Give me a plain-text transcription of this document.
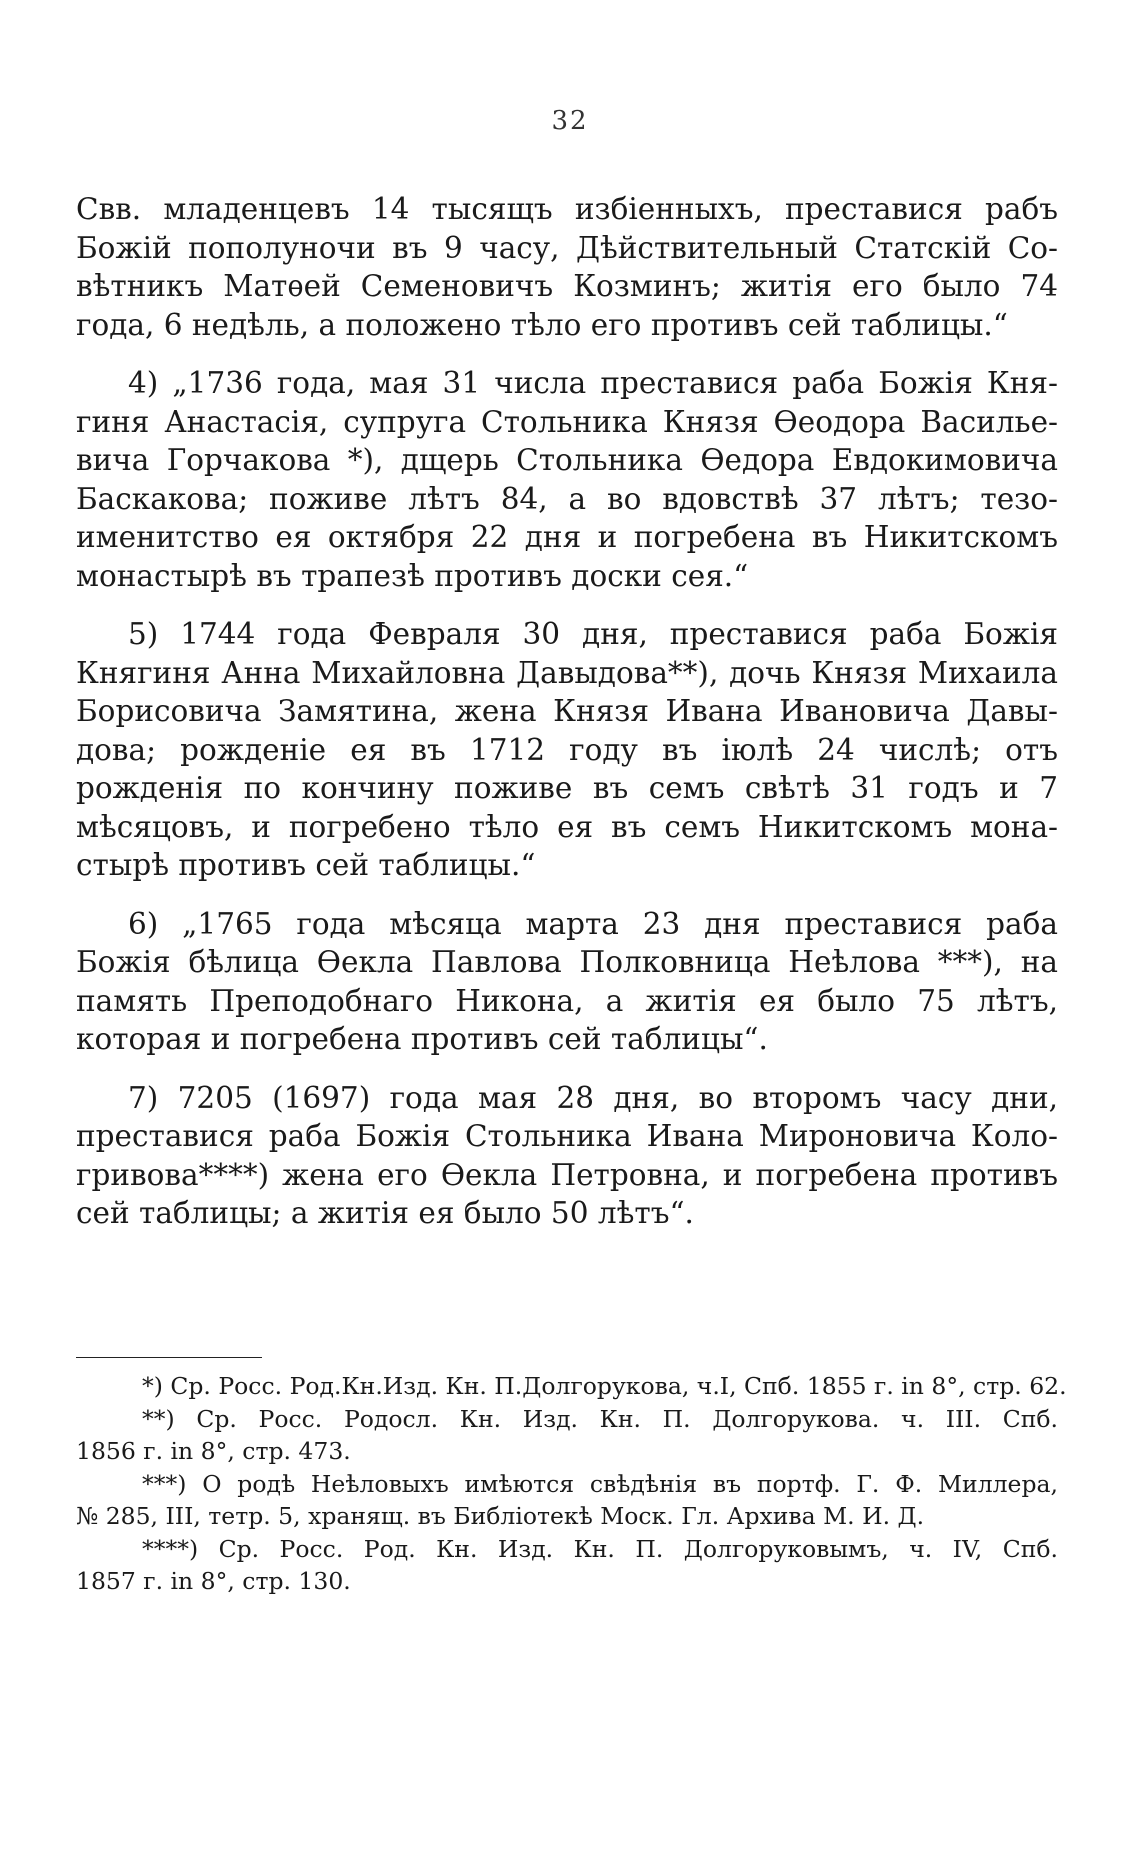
32

Свв. младенцевъ 14 тысящъ избіенныхъ, преставися рабъ
Божій пополуночи въ 9 часу, Дѣйствительный Статскій Со-
вѣтникъ Матѳей Семеновичъ Козминъ; житія его было 74
года, 6 недѣль, а положено тѣло его противъ сей таблицы.“

4) „1736 года, мая 31 числа преставися раба Божія Кня-
гиня Анастасія, супруга Стольника Князя Ѳеодора Василье-
вича Горчакова *), дщерь Стольника Ѳедора Евдокимовича
Баскакова; поживе лѣтъ 84, а во вдовствѣ 37 лѣтъ; тезо-
именитство ея октября 22 дня и погребена въ Никитскомъ
монастырѣ въ трапезѣ противъ доски сея.“

5) 1744 года Февраля 30 дня, преставися раба Божія
Княгиня Анна Михайловна Давыдова**), дочь Князя Михаила
Борисовича Замятина, жена Князя Ивана Ивановича Давы-
дова; рожденіе ея въ 1712 году въ іюлѣ 24 числѣ; отъ
рожденія по кончину поживе въ семъ свѣтѣ 31 годъ и 7
мѣсяцовъ, и погребено тѣло ея въ семъ Никитскомъ мона-
стырѣ противъ сей таблицы.“

6) „1765 года мѣсяца марта 23 дня преставися раба
Божія бѣлица Ѳекла Павлова Полковница Неѣлова ***), на
память Преподобнаго Никона, а житія ея было 75 лѣтъ,
которая и погребена противъ сей таблицы“.

7) 7205 (1697) года мая 28 дня, во второмъ часу дни,
преставися раба Божія Стольника Ивана Мироновича Коло-
гривова****) жена его Ѳекла Петровна, и погребена противъ
сей таблицы; а житія ея было 50 лѣтъ“.

*) Ср. Росс. Род.Кн.Изд. Кн. П.Долгорукова, ч.І, Спб. 1855 г. in 8°, стр. 62.

**) Ср. Росс. Родосл. Кн. Изд. Кн. П. Долгорукова. ч. ІІІ. Спб.
1856 г. in 8°, стр. 473.

***) О родѣ Неѣловыхъ имѣются свѣдѣнія въ портф. Г. Ф. Миллера,
№ 285, III, тетр. 5, хранящ. въ Библіотекѣ Моск. Гл. Архива М. И. Д.

****) Ср. Росс. Род. Кн. Изд. Кн. П. Долгоруковымъ, ч. IV, Спб.
1857 г. in 8°, стр. 130.
